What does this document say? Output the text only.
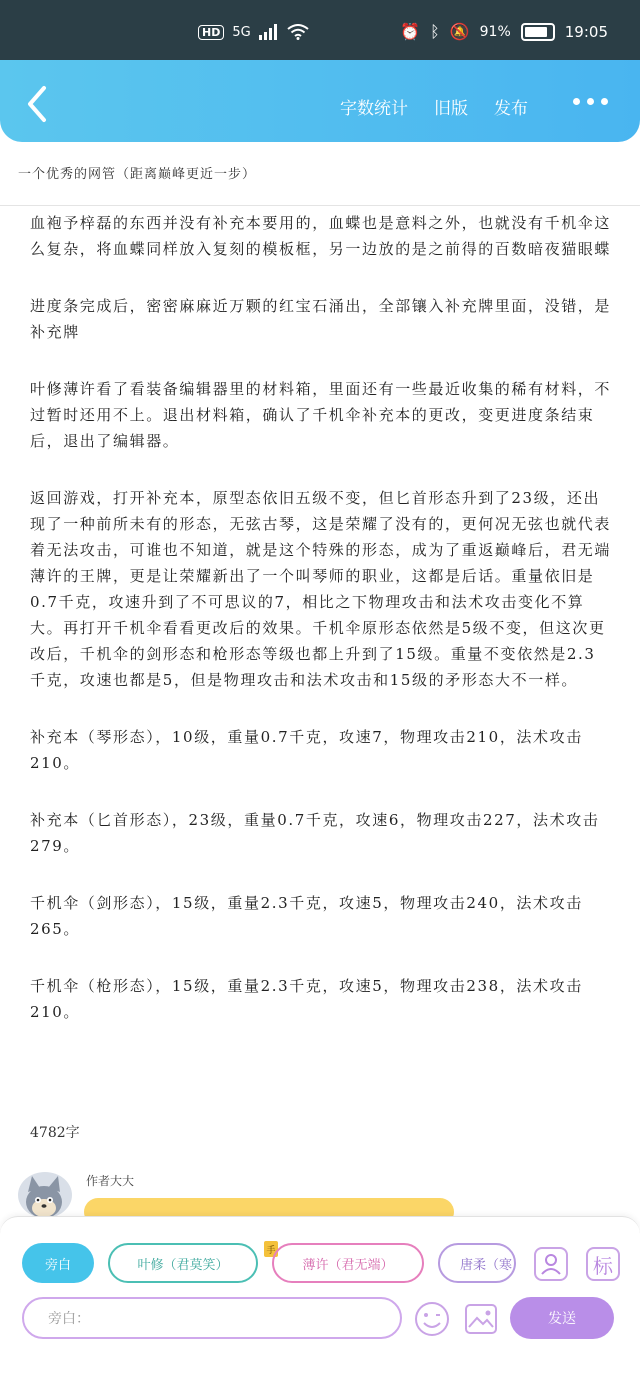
HD 5G	⏰ ᛒ 🔕 91%	19:05
字数统计 旧版 发布
一个优秀的网管（距离巅峰更近一步）

血袍予梓磊的东西并没有补充本要用的，血蝶也是意料之外，也就没有千机伞这么复杂，将血蝶同样放入复刻的模板框，另一边放的是之前得的百数暗夜猫眼蝶

进度条完成后，密密麻麻近万颗的红宝石涌出，全部镶入补充牌里面，没错，是补充牌

叶修薄许看了看装备编辑器里的材料箱，里面还有一些最近收集的稀有材料，不过暂时还用不上。退出材料箱，确认了千机伞补充本的更改，变更进度条结束后，退出了编辑器。

返回游戏，打开补充本，原型态依旧五级不变，但匕首形态升到了23级，还出现了一种前所未有的形态，无弦古琴，这是荣耀了没有的，更何况无弦也就代表着无法攻击，可谁也不知道，就是这个特殊的形态，成为了重返巅峰后，君无端薄许的王牌，更是让荣耀新出了一个叫琴师的职业，这都是后话。重量依旧是0.7千克，攻速升到了不可思议的7，相比之下物理攻击和法术攻击变化不算大。再打开千机伞看看更改后的效果。千机伞原形态依然是5级不变，但这次更改后，千机伞的剑形态和枪形态等级也都上升到了15级。重量不变依然是2.3千克，攻速也都是5，但是物理攻击和法术攻击和15级的矛形态大不一样。

补充本（琴形态），10级，重量0.7千克，攻速7，物理攻击210，法术攻击210。

补充本（匕首形态），23级，重量0.7千克，攻速6，物理攻击227，法术攻击279。

千机伞（剑形态），15级，重量2.3千克，攻速5，物理攻击240，法术攻击265。

千机伞（枪形态），15级，重量2.3千克，攻速5，物理攻击238，法术攻击210。

4782字
作者大大
旁白	叶修（君莫笑）
手
薄许（君无端）	唐柔（寒	标
旁白：	发送
